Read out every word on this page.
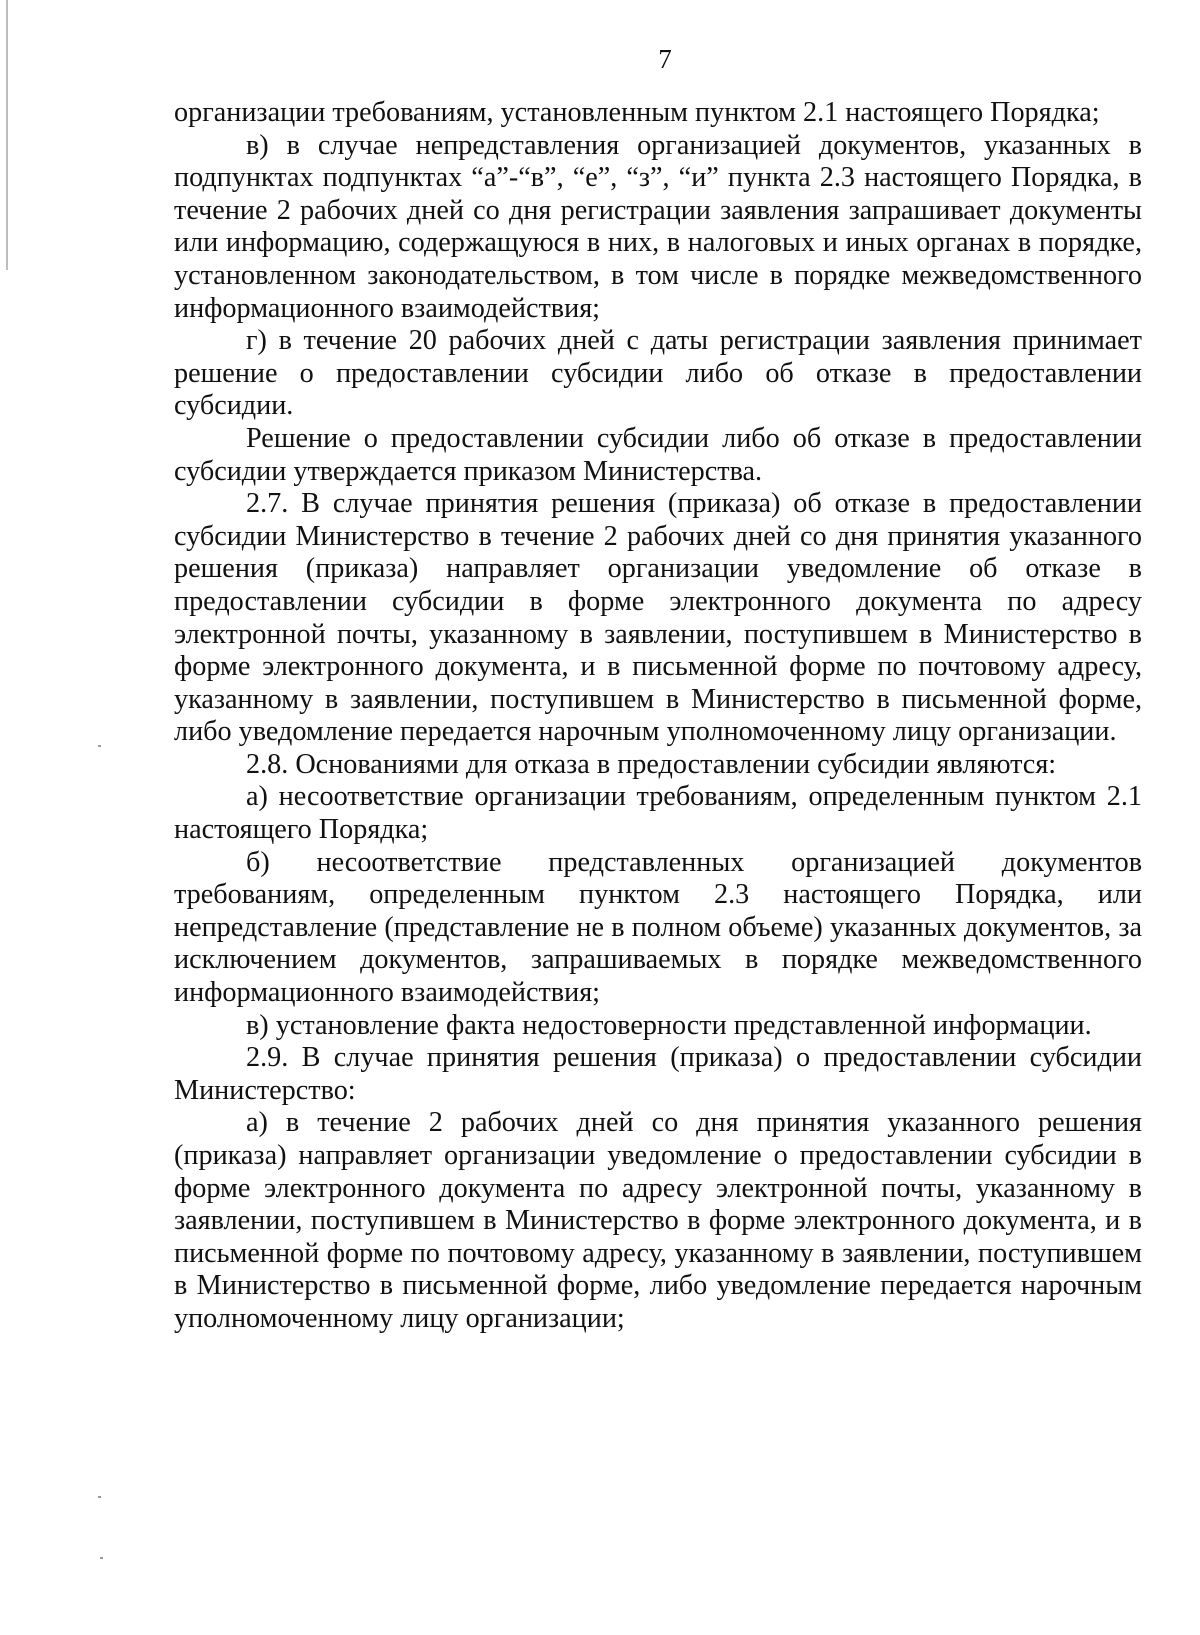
7

организации требованиям, установленным пунктом 2.1 настоящего Порядка;

в) в случае непредставления организацией документов, указанных в подпунктах подпунктах “а”-“в”, “е”, “з”, “и” пункта 2.3 настоящего Порядка, в течение 2 рабочих дней со дня регистрации заявления запрашивает документы или информацию, содержащуюся в них, в налоговых и иных органах в порядке, установленном законодательством, в том числе в порядке межведомственного информационного взаимодействия;

г) в течение 20 рабочих дней с даты регистрации заявления принимает решение о предоставлении субсидии либо об отказе в предоставлении субсидии.

Решение о предоставлении субсидии либо об отказе в предоставлении субсидии утверждается приказом Министерства.

2.7. В случае принятия решения (приказа) об отказе в предоставлении субсидии Министерство в течение 2 рабочих дней со дня принятия указанного решения (приказа) направляет организации уведомление об отказе в предоставлении субсидии в форме электронного документа по адресу электронной почты, указанному в заявлении, поступившем в Министерство в форме электронного документа, и в письменной форме по почтовому адресу, указанному в заявлении, поступившем в Министерство в письменной форме, либо уведомление передается нарочным уполномоченному лицу организации.

2.8. Основаниями для отказа в предоставлении субсидии являются:

а) несоответствие организации требованиям, определенным пунктом 2.1 настоящего Порядка;

б) несоответствие представленных организацией документов требованиям, определенным пунктом 2.3 настоящего Порядка, или непредставление (представление не в полном объеме) указанных документов, за исключением документов, запрашиваемых в порядке межведомственного информационного взаимодействия;

в) установление факта недостоверности представленной информации.

2.9. В случае принятия решения (приказа) о предоставлении субсидии Министерство:

а) в течение 2 рабочих дней со дня принятия указанного решения (приказа) направляет организации уведомление о предоставлении субсидии в форме электронного документа по адресу электронной почты, указанному в заявлении, поступившем в Министерство в форме электронного документа, и в письменной форме по почтовому адресу, указанному в заявлении, поступившем в Министерство в письменной форме, либо уведомление передается нарочным уполномоченному лицу организации;
